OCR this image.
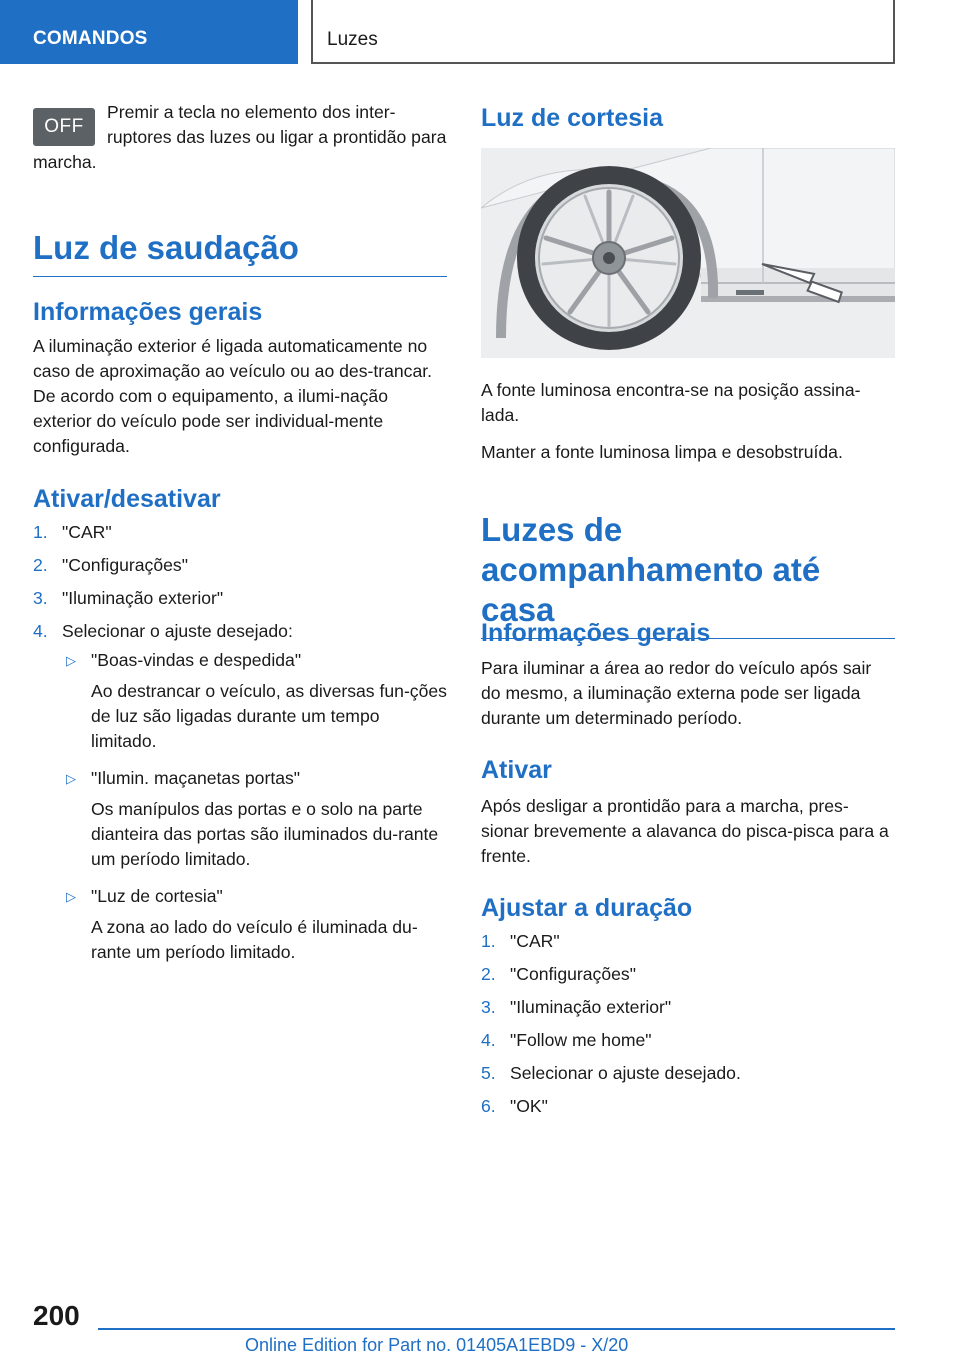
COMANDOS	Luzes
OFF

Premir a tecla no elemento dos inter-ruptores das luzes ou ligar a prontidão para marcha.

Luz de saudação
Informações gerais

A iluminação exterior é ligada automaticamente no caso de aproximação ao veículo ou ao des-trancar. De acordo com o equipamento, a ilumi-nação exterior do veículo pode ser individual-mente configurada.

Ativar/desativar
1. "CAR"
2. "Configurações"
3. "Iluminação exterior"
4. Selecionar o ajuste desejado:
▷ "Boas-vindas e despedida"
Ao destrancar o veículo, as diversas fun-ções de luz são ligadas durante um tempo limitado.
▷ "Ilumin. maçanetas portas"
Os manípulos das portas e o solo na parte dianteira das portas são iluminados du-rante um período limitado.
▷ "Luz de cortesia"
A zona ao lado do veículo é iluminada du-rante um período limitado.
Luz de cortesia

A fonte luminosa encontra-se na posição assina-lada.

Manter a fonte luminosa limpa e desobstruída.

Luzes de acompanhamento até casa
Informações gerais

Para iluminar a área ao redor do veículo após sair do mesmo, a iluminação externa pode ser ligada durante um determinado período.

Ativar

Após desligar a prontidão para a marcha, pres-sionar brevemente a alavanca do pisca-pisca para a frente.

Ajustar a duração
1. "CAR"
2. "Configurações"
3. "Iluminação exterior"
4. "Follow me home"
5. Selecionar o ajuste desejado.
6. "OK"
200
Online Edition for Part no. 01405A1EBD9 - X/20
